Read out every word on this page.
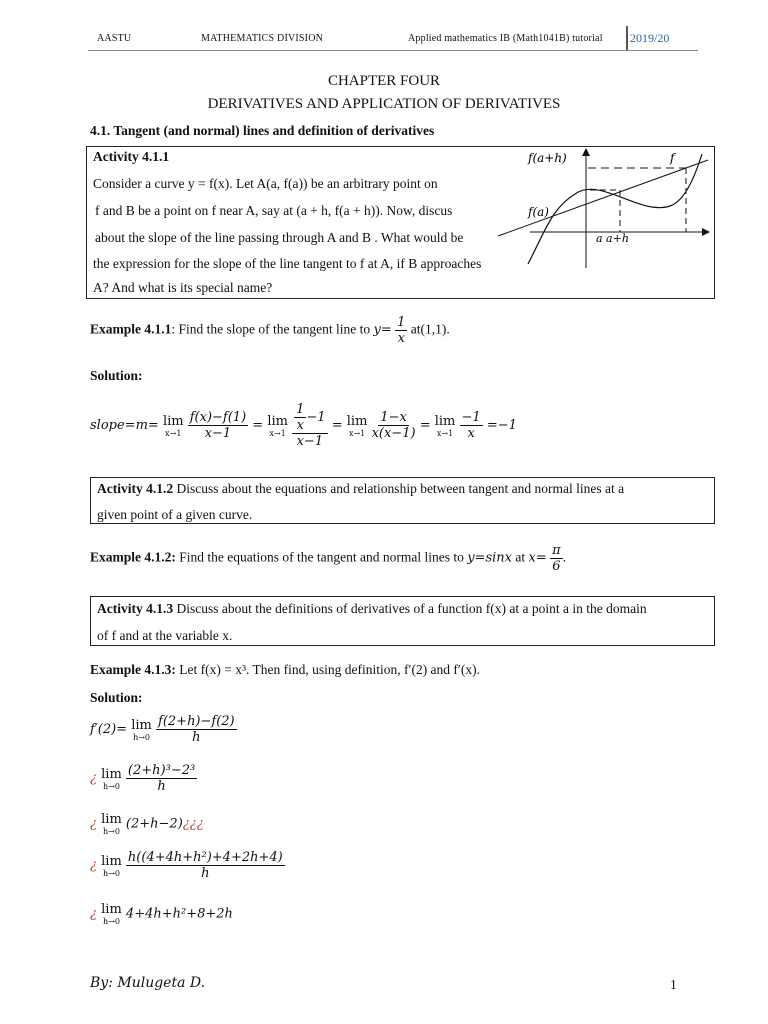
AASTU	MATHEMATICS DIVISION	Applied mathematics IB (Math1041B) tutorial 2019/20
CHAPTER FOUR
DERIVATIVES AND APPLICATION OF DERIVATIVES
4.1. Tangent (and normal) lines and definition of derivatives
Activity 4.1.1
Consider a curve y = f(x). Let A(a, f(a)) be an arbitrary point on
f and B be a point on f near A, say at (a + h, f(a + h)). Now, discus
about the slope of the line passing through A and B . What would be
the expression for the slope of the line tangent to f at A, if B approaches
A? And what is its special name?
f(a+h)
f(a)
f
a a+h
Example 4.1.1: Find the slope of the tangent line to $y= \frac{1}{x} at(1,1)$.
Solution:
slope=m= lim
x→1
$\frac{f(x)-f(1)}{x-1} = \lim$
x→1
$\frac{\frac{1}{x} -1}{x-1} = \lim$
x→1
$\frac{1-x}{x(x-1)} = \lim$
x→1
$\frac{-1}{x} =-1$
Activity 4.1.2 Discuss about the equations and relationship between tangent and normal lines at a
given point of a given curve.
Example 4.1.2: Find the equations of the tangent and normal lines to y=sinx at $x= \frac{\pi}{6}$ .
Activity 4.1.3 Discuss about the definitions of derivatives of a function f(x) at a point a in the domain
of f and at the variable x.
Example 4.1.3: Let f(x) = x³. Then find, using definition, f′(2) and f′(x).
Solution:
f′(2)= lim
h→0
$\frac{f(2+h)-f(2)}{h}$
¿ lim
h→0
$\frac{\text{(2+h)³−2³}}{h}$
¿ lim
h→0 (2+h−2)¿¿¿
¿ lim
h→0
$\frac{\text{h((4+4h+h²)+4+2h+4)}}{h}$
¿ lim
h→0 4+4h+h²+8+2h
By: Mulugeta D.	1
